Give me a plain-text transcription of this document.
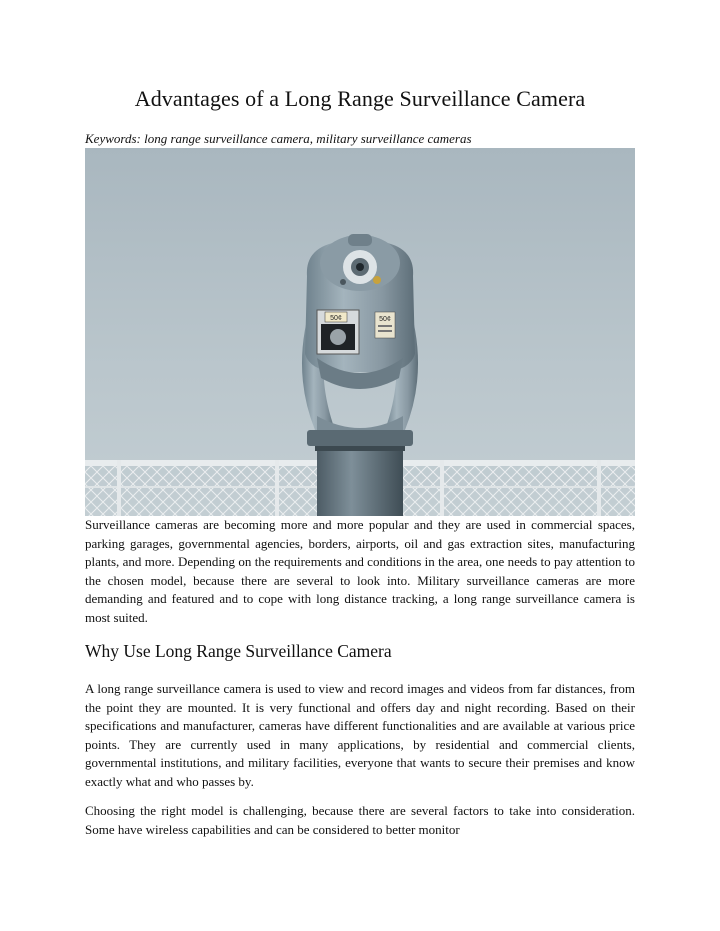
Advantages of a Long Range Surveillance Camera

Keywords: long range surveillance camera, military surveillance cameras

50¢	50¢

Surveillance cameras are becoming more and more popular and they are used in commercial spaces, parking garages, governmental agencies, borders, airports, oil and gas extraction sites, manufacturing plants, and more. Depending on the requirements and conditions in the area, one needs to pay attention to the chosen model, because there are several to look into. Military surveillance cameras are more demanding and featured and to cope with long distance tracking, a long range surveillance camera is most suited.

Why Use Long Range Surveillance Camera

A long range surveillance camera is used to view and record images and videos from far distances, from the point they are mounted. It is very functional and offers day and night recording. Based on their specifications and manufacturer, cameras have different functionalities and are available at various price points. They are currently used in many applications, by residential and commercial clients, governmental institutions, and military facilities, everyone that wants to secure their premises and know exactly what and who passes by.

Choosing the right model is challenging, because there are several factors to take into consideration. Some have wireless capabilities and can be considered to better monitor
